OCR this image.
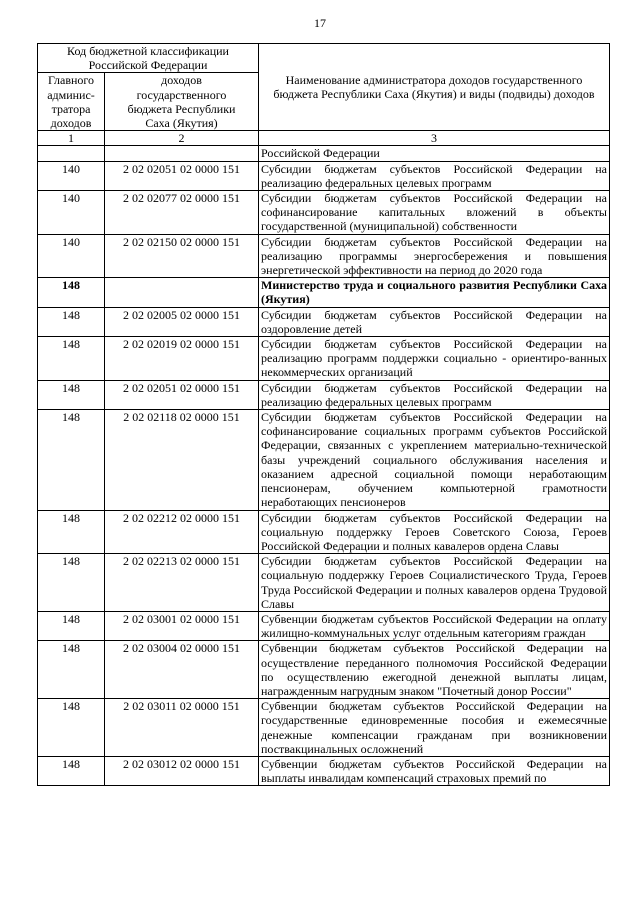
17
Код бюджетной классификации Российской Федерации		Наименование администратора доходов государственного бюджета Республики Саха (Якутия) и виды (подвиды) доходов
Главного админис-тратора доходов	доходов государственного бюджета Республики Саха (Якутия)	
1	2	3
		Российской Федерации
140	2 02 02051 02 0000 151	Субсидии бюджетам субъектов Российской Федерации на реализацию федеральных целевых программ
140	2 02 02077 02 0000 151	Субсидии бюджетам субъектов Российской Федерации на софинансирование капитальных вложений в объекты государственной (муниципальной) собственности
140	2 02 02150 02 0000 151	Субсидии бюджетам субъектов Российской Федерации на реализацию программы энергосбережения и повышения энергетической эффективности на период до 2020 года
148		Министерство труда и социального развития Республики Саха (Якутия)
148	2 02 02005 02 0000 151	Субсидии бюджетам субъектов Российской Федерации на оздоровление детей
148	2 02 02019 02 0000 151	Субсидии бюджетам субъектов Российской Федерации на реализацию программ поддержки социально - ориентиро-ванных некоммерческих организаций
148	2 02 02051 02 0000 151	Субсидии бюджетам субъектов Российской Федерации на реализацию федеральных целевых программ
148	2 02 02118 02 0000 151	Субсидии бюджетам субъектов Российской Федерации на софинансирование социальных программ субъектов Российской Федерации, связанных с укреплением материально-технической базы учреждений социального обслуживания населения и оказанием адресной социальной помощи неработающим пенсионерам, обучением компьютерной грамотности неработающих пенсионеров
148	2 02 02212 02 0000 151	Субсидии бюджетам субъектов Российской Федерации на социальную поддержку Героев Советского Союза, Героев Российской Федерации и полных кавалеров ордена Славы
148	2 02 02213 02 0000 151	Субсидии бюджетам субъектов Российской Федерации на социальную поддержку Героев Социалистического Труда, Героев Труда Российской Федерации и полных кавалеров ордена Трудовой Славы
148	2 02 03001 02 0000 151	Субвенции бюджетам субъектов Российской Федерации на оплату жилищно-коммунальных услуг отдельным категориям граждан
148	2 02 03004 02 0000 151	Субвенции бюджетам субъектов Российской Федерации на осуществление переданного полномочия Российской Федерации по осуществлению ежегодной денежной выплаты лицам, награжденным нагрудным знаком "Почетный донор России"
148	2 02 03011 02 0000 151	Субвенции бюджетам субъектов Российской Федерации на государственные единовременные пособия и ежемесячные денежные компенсации гражданам при возникновении поствакцинальных осложнений
148	2 02 03012 02 0000 151	Субвенции бюджетам субъектов Российской Федерации на выплаты инвалидам компенсаций страховых премий по
